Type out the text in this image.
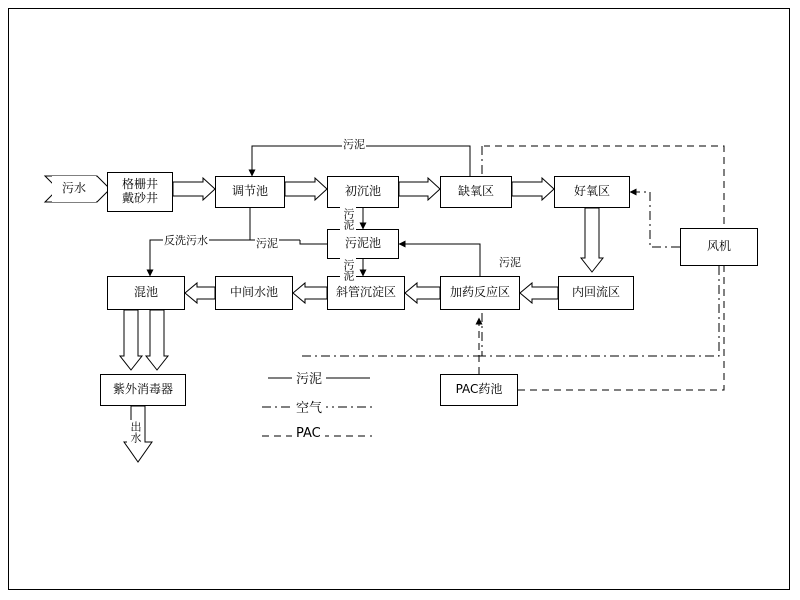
污水	格栅井
戴砂井	调节池	初沉池	缺氧区	好氧区
风机
污泥池
混池	中间水池	斜管沉淀区	加药反应区	内回流区
紫外消毒器	PAC药池
污泥
反洗污水	污泥
污泥
污泥
污泥
出水
污泥
空气
PAC
